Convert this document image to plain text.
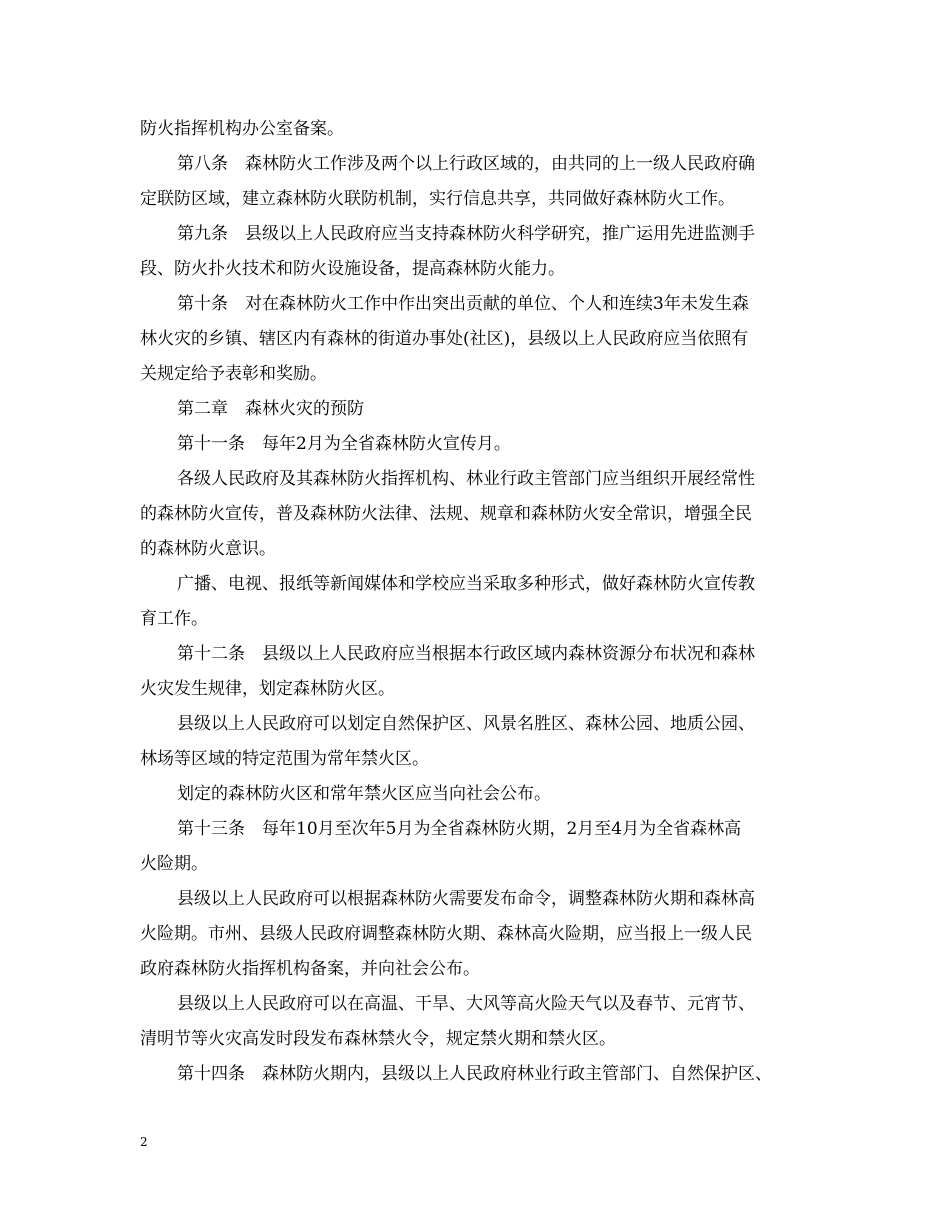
防火指挥机构办公室备案。

第八条　森林防火工作涉及两个以上行政区域的，由共同的上一级人民政府确

定联防区域，建立森林防火联防机制，实行信息共享，共同做好森林防火工作。

第九条　县级以上人民政府应当支持森林防火科学研究，推广运用先进监测手

段、防火扑火技术和防火设施设备，提高森林防火能力。

第十条　对在森林防火工作中作出突出贡献的单位、个人和连续3年未发生森

林火灾的乡镇、辖区内有森林的街道办事处(社区)，县级以上人民政府应当依照有

关规定给予表彰和奖励。

第二章　森林火灾的预防

第十一条　每年2月为全省森林防火宣传月。

各级人民政府及其森林防火指挥机构、林业行政主管部门应当组织开展经常性

的森林防火宣传，普及森林防火法律、法规、规章和森林防火安全常识，增强全民

的森林防火意识。

广播、电视、报纸等新闻媒体和学校应当采取多种形式，做好森林防火宣传教

育工作。

第十二条　县级以上人民政府应当根据本行政区域内森林资源分布状况和森林

火灾发生规律，划定森林防火区。

县级以上人民政府可以划定自然保护区、风景名胜区、森林公园、地质公园、

林场等区域的特定范围为常年禁火区。

划定的森林防火区和常年禁火区应当向社会公布。

第十三条　每年10月至次年5月为全省森林防火期，2月至4月为全省森林高

火险期。

县级以上人民政府可以根据森林防火需要发布命令，调整森林防火期和森林高

火险期。市州、县级人民政府调整森林防火期、森林高火险期，应当报上一级人民

政府森林防火指挥机构备案，并向社会公布。

县级以上人民政府可以在高温、干旱、大风等高火险天气以及春节、元宵节、

清明节等火灾高发时段发布森林禁火令，规定禁火期和禁火区。

第十四条　森林防火期内，县级以上人民政府林业行政主管部门、自然保护区、

2
